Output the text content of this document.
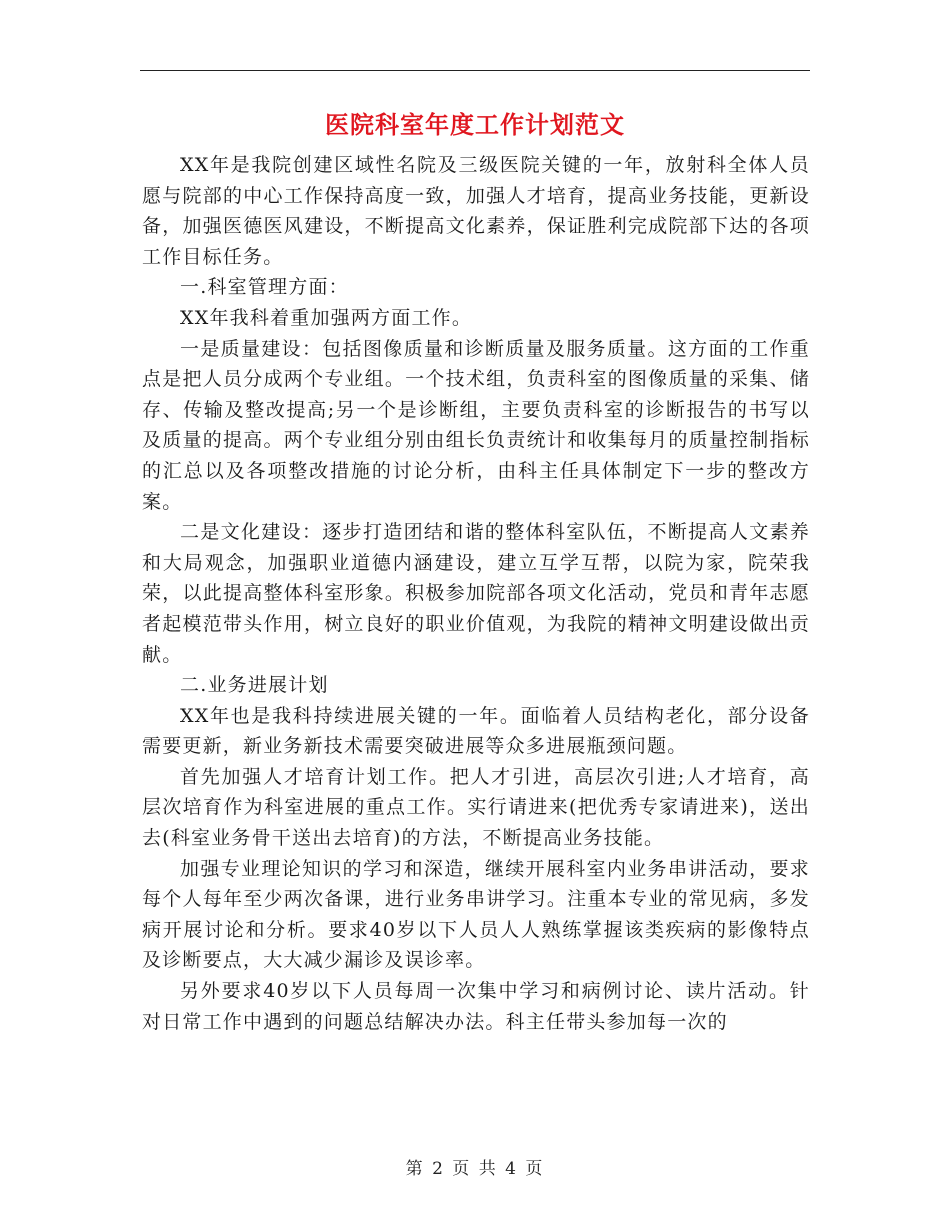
医院科室年度工作计划范文

XX年是我院创建区域性名院及三级医院关键的一年，放射科全体人员愿与院部的中心工作保持高度一致，加强人才培育，提高业务技能，更新设备，加强医德医风建设，不断提高文化素养，保证胜利完成院部下达的各项工作目标任务。

一.科室管理方面：

XX年我科着重加强两方面工作。

一是质量建设：包括图像质量和诊断质量及服务质量。这方面的工作重点是把人员分成两个专业组。一个技术组，负责科室的图像质量的采集、储存、传输及整改提高;另一个是诊断组，主要负责科室的诊断报告的书写以及质量的提高。两个专业组分别由组长负责统计和收集每月的质量控制指标的汇总以及各项整改措施的讨论分析，由科主任具体制定下一步的整改方案。

二是文化建设：逐步打造团结和谐的整体科室队伍，不断提高人文素养和大局观念，加强职业道德内涵建设，建立互学互帮，以院为家，院荣我荣，以此提高整体科室形象。积极参加院部各项文化活动，党员和青年志愿者起模范带头作用，树立良好的职业价值观，为我院的精神文明建设做出贡献。

二.业务进展计划

XX年也是我科持续进展关键的一年。面临着人员结构老化，部分设备需要更新，新业务新技术需要突破进展等众多进展瓶颈问题。

首先加强人才培育计划工作。把人才引进，高层次引进;人才培育，高层次培育作为科室进展的重点工作。实行请进来(把优秀专家请进来)，送出去(科室业务骨干送出去培育)的方法，不断提高业务技能。

加强专业理论知识的学习和深造，继续开展科室内业务串讲活动，要求每个人每年至少两次备课，进行业务串讲学习。注重本专业的常见病，多发病开展讨论和分析。要求40岁以下人员人人熟练掌握该类疾病的影像特点及诊断要点，大大减少漏诊及误诊率。

另外要求40岁以下人员每周一次集中学习和病例讨论、读片活动。针对日常工作中遇到的问题总结解决办法。科主任带头参加每一次的

第 2 页 共 4 页
